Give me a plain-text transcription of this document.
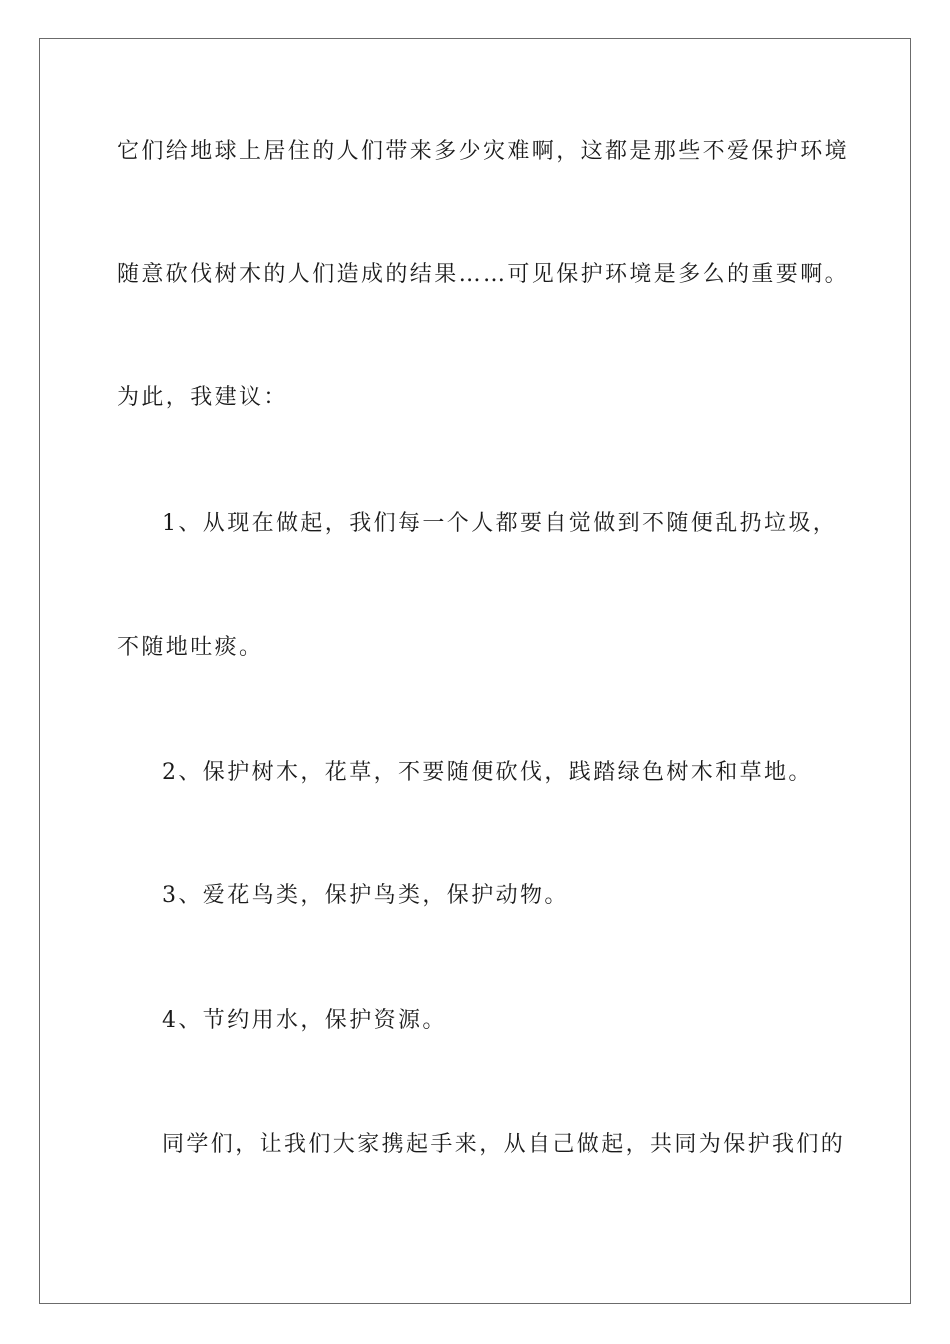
它们给地球上居住的人们带来多少灾难啊，这都是那些不爱保护环境
随意砍伐树木的人们造成的结果……可见保护环境是多么的重要啊。
为此，我建议：
1、从现在做起，我们每一个人都要自觉做到不随便乱扔垃圾，
不随地吐痰。
2、保护树木，花草，不要随便砍伐，践踏绿色树木和草地。
3、爱花鸟类，保护鸟类，保护动物。
4、节约用水，保护资源。
同学们，让我们大家携起手来，从自己做起，共同为保护我们的
